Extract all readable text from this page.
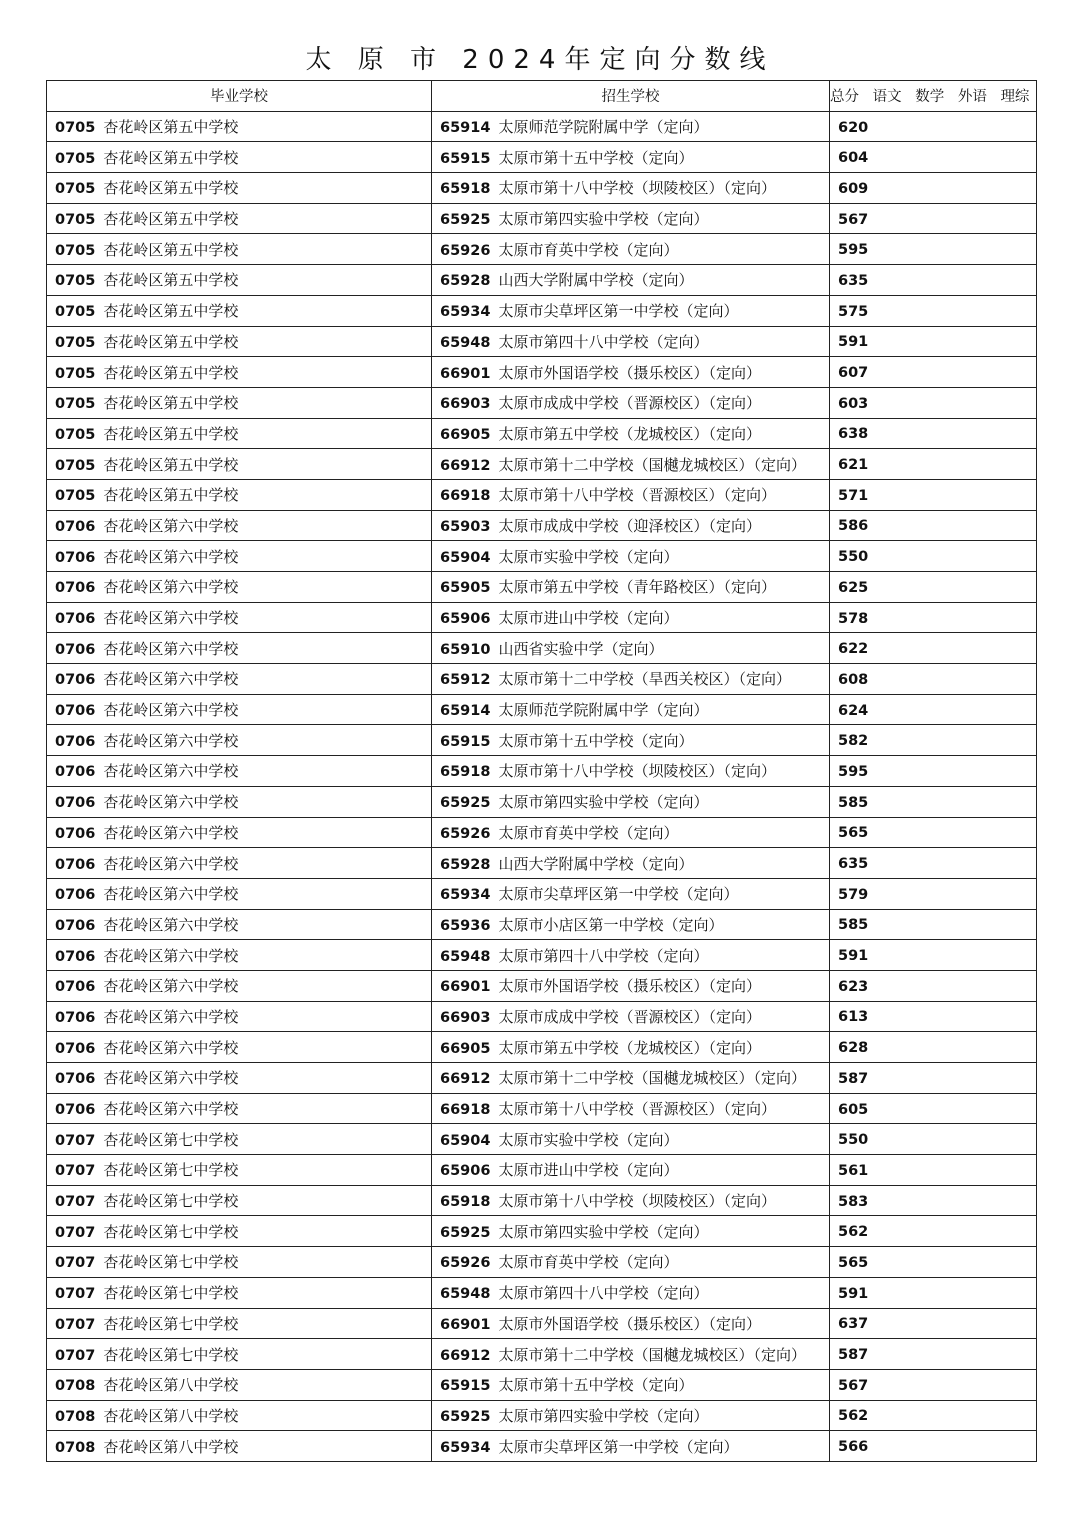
太 原 市 2024年定向分数线
毕业学校	招生学校	总分 语文 数学 外语 理综
0705 杏花岭区第五中学校	65914 太原师范学院附属中学（定向）	620
0705 杏花岭区第五中学校	65915 太原市第十五中学校（定向）	604
0705 杏花岭区第五中学校	65918 太原市第十八中学校（坝陵校区）（定向）	609
0705 杏花岭区第五中学校	65925 太原市第四实验中学校（定向）	567
0705 杏花岭区第五中学校	65926 太原市育英中学校（定向）	595
0705 杏花岭区第五中学校	65928 山西大学附属中学校（定向）	635
0705 杏花岭区第五中学校	65934 太原市尖草坪区第一中学校（定向）	575
0705 杏花岭区第五中学校	65948 太原市第四十八中学校（定向）	591
0705 杏花岭区第五中学校	66901 太原市外国语学校（摄乐校区）（定向）	607
0705 杏花岭区第五中学校	66903 太原市成成中学校（晋源校区）（定向）	603
0705 杏花岭区第五中学校	66905 太原市第五中学校（龙城校区）（定向）	638
0705 杏花岭区第五中学校	66912 太原市第十二中学校（国樾龙城校区）（定向）	621
0705 杏花岭区第五中学校	66918 太原市第十八中学校（晋源校区）（定向）	571
0706 杏花岭区第六中学校	65903 太原市成成中学校（迎泽校区）（定向）	586
0706 杏花岭区第六中学校	65904 太原市实验中学校（定向）	550
0706 杏花岭区第六中学校	65905 太原市第五中学校（青年路校区）（定向）	625
0706 杏花岭区第六中学校	65906 太原市进山中学校（定向）	578
0706 杏花岭区第六中学校	65910 山西省实验中学（定向）	622
0706 杏花岭区第六中学校	65912 太原市第十二中学校（旱西关校区）（定向）	608
0706 杏花岭区第六中学校	65914 太原师范学院附属中学（定向）	624
0706 杏花岭区第六中学校	65915 太原市第十五中学校（定向）	582
0706 杏花岭区第六中学校	65918 太原市第十八中学校（坝陵校区）（定向）	595
0706 杏花岭区第六中学校	65925 太原市第四实验中学校（定向）	585
0706 杏花岭区第六中学校	65926 太原市育英中学校（定向）	565
0706 杏花岭区第六中学校	65928 山西大学附属中学校（定向）	635
0706 杏花岭区第六中学校	65934 太原市尖草坪区第一中学校（定向）	579
0706 杏花岭区第六中学校	65936 太原市小店区第一中学校（定向）	585
0706 杏花岭区第六中学校	65948 太原市第四十八中学校（定向）	591
0706 杏花岭区第六中学校	66901 太原市外国语学校（摄乐校区）（定向）	623
0706 杏花岭区第六中学校	66903 太原市成成中学校（晋源校区）（定向）	613
0706 杏花岭区第六中学校	66905 太原市第五中学校（龙城校区）（定向）	628
0706 杏花岭区第六中学校	66912 太原市第十二中学校（国樾龙城校区）（定向）	587
0706 杏花岭区第六中学校	66918 太原市第十八中学校（晋源校区）（定向）	605
0707 杏花岭区第七中学校	65904 太原市实验中学校（定向）	550
0707 杏花岭区第七中学校	65906 太原市进山中学校（定向）	561
0707 杏花岭区第七中学校	65918 太原市第十八中学校（坝陵校区）（定向）	583
0707 杏花岭区第七中学校	65925 太原市第四实验中学校（定向）	562
0707 杏花岭区第七中学校	65926 太原市育英中学校（定向）	565
0707 杏花岭区第七中学校	65948 太原市第四十八中学校（定向）	591
0707 杏花岭区第七中学校	66901 太原市外国语学校（摄乐校区）（定向）	637
0707 杏花岭区第七中学校	66912 太原市第十二中学校（国樾龙城校区）（定向）	587
0708 杏花岭区第八中学校	65915 太原市第十五中学校（定向）	567
0708 杏花岭区第八中学校	65925 太原市第四实验中学校（定向）	562
0708 杏花岭区第八中学校	65934 太原市尖草坪区第一中学校（定向）	566
